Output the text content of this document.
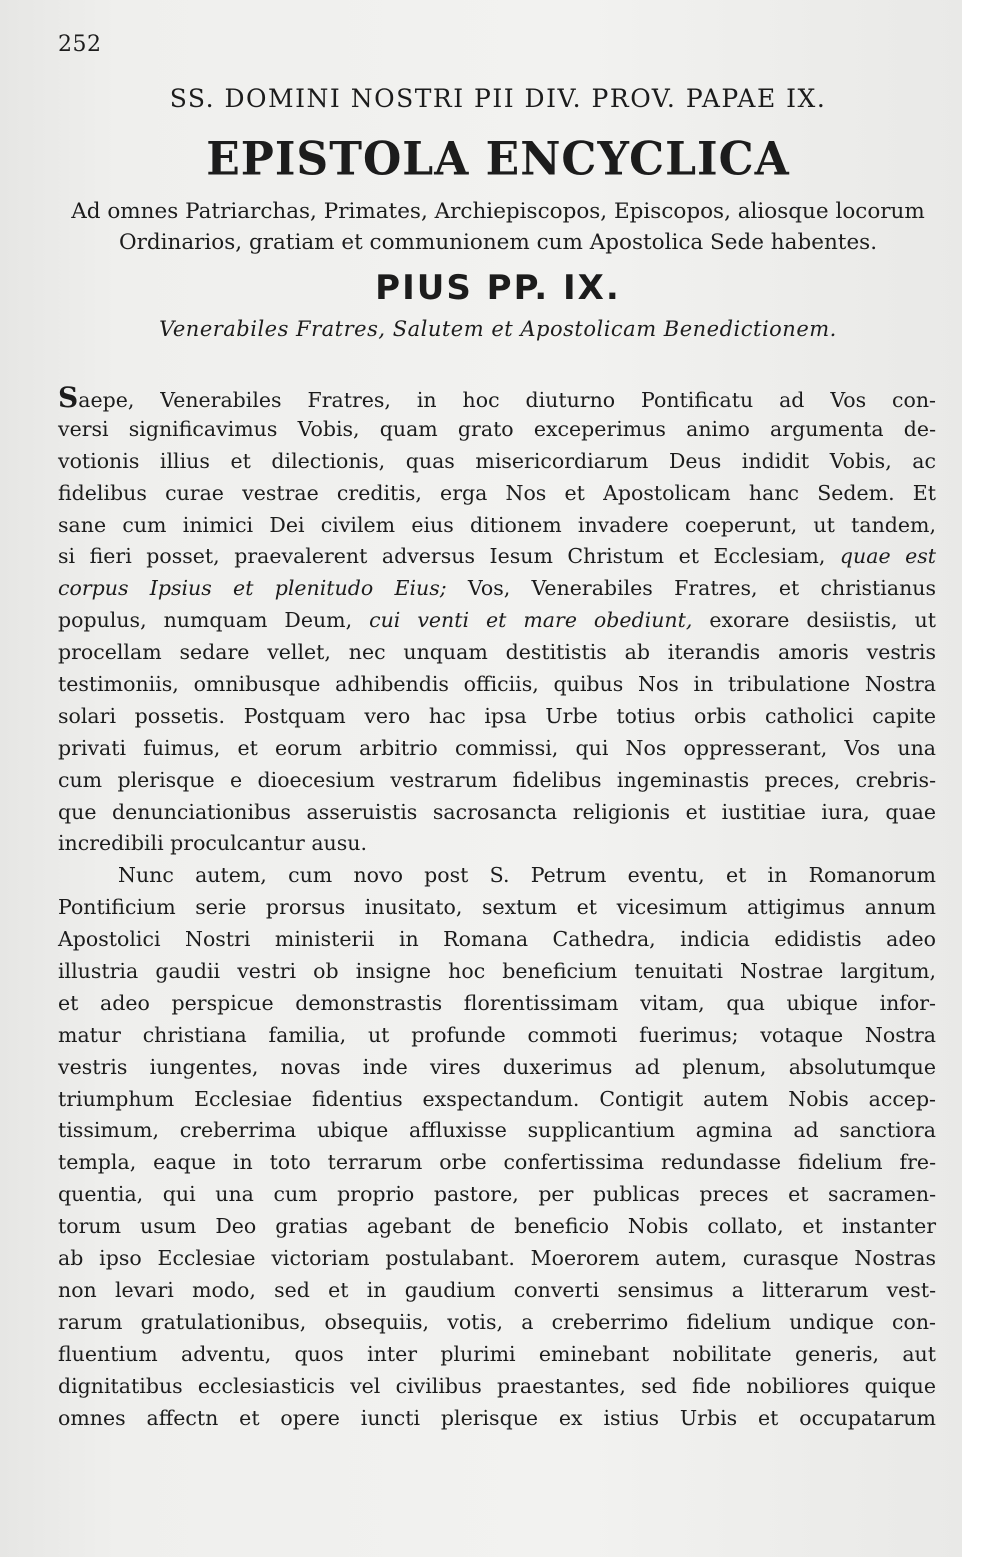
252
SS. DOMINI NOSTRI PII DIV. PROV. PAPAE IX.
EPISTOLA ENCYCLICA
Ad omnes Patriarchas, Primates, Archiepiscopos, Episcopos, aliosque locorum Ordinarios, gratiam et communionem cum Apostolica Sede habentes.
PIUS PP. IX.
Venerabiles Fratres, Salutem et Apostolicam Benedictionem.
Saepe, Venerabiles Fratres, in hoc diuturno Pontificatu ad Vos con-
versi significavimus Vobis, quam grato exceperimus animo argumenta de-
votionis illius et dilectionis, quas misericordiarum Deus indidit Vobis, ac
fidelibus curae vestrae creditis, erga Nos et Apostolicam hanc Sedem. Et
sane cum inimici Dei civilem eius ditionem invadere coeperunt, ut tandem,
si fieri posset, praevalerent adversus Iesum Christum et Ecclesiam, quae est
corpus Ipsius et plenitudo Eius; Vos, Venerabiles Fratres, et christianus
populus, numquam Deum, cui venti et mare obediunt, exorare desiistis, ut
procellam sedare vellet, nec unquam destitistis ab iterandis amoris vestris
testimoniis, omnibusque adhibendis officiis, quibus Nos in tribulatione Nostra
solari possetis. Postquam vero hac ipsa Urbe totius orbis catholici capite
privati fuimus, et eorum arbitrio commissi, qui Nos oppresserant, Vos una
cum plerisque e dioecesium vestrarum fidelibus ingeminastis preces, crebris-
que denunciationibus asseruistis sacrosancta religionis et iustitiae iura, quae
incredibili proculcantur ausu.
Nunc autem, cum novo post S. Petrum eventu, et in Romanorum
Pontificium serie prorsus inusitato, sextum et vicesimum attigimus annum
Apostolici Nostri ministerii in Romana Cathedra, indicia edidistis adeo
illustria gaudii vestri ob insigne hoc beneficium tenuitati Nostrae largitum,
et adeo perspicue demonstrastis florentissimam vitam, qua ubique infor-
matur christiana familia, ut profunde commoti fuerimus; votaque Nostra
vestris iungentes, novas inde vires duxerimus ad plenum, absolutumque
triumphum Ecclesiae fidentius exspectandum. Contigit autem Nobis accep-
tissimum, creberrima ubique affluxisse supplicantium agmina ad sanctiora
templa, eaque in toto terrarum orbe confertissima redundasse fidelium fre-
quentia, qui una cum proprio pastore, per publicas preces et sacramen-
torum usum Deo gratias agebant de beneficio Nobis collato, et instanter
ab ipso Ecclesiae victoriam postulabant. Moerorem autem, curasque Nostras
non levari modo, sed et in gaudium converti sensimus a litterarum vest-
rarum gratulationibus, obsequiis, votis, a creberrimo fidelium undique con-
fluentium adventu, quos inter plurimi eminebant nobilitate generis, aut
dignitatibus ecclesiasticis vel civilibus praestantes, sed fide nobiliores quique
omnes affectn et opere iuncti plerisque ex istius Urbis et occupatarum
